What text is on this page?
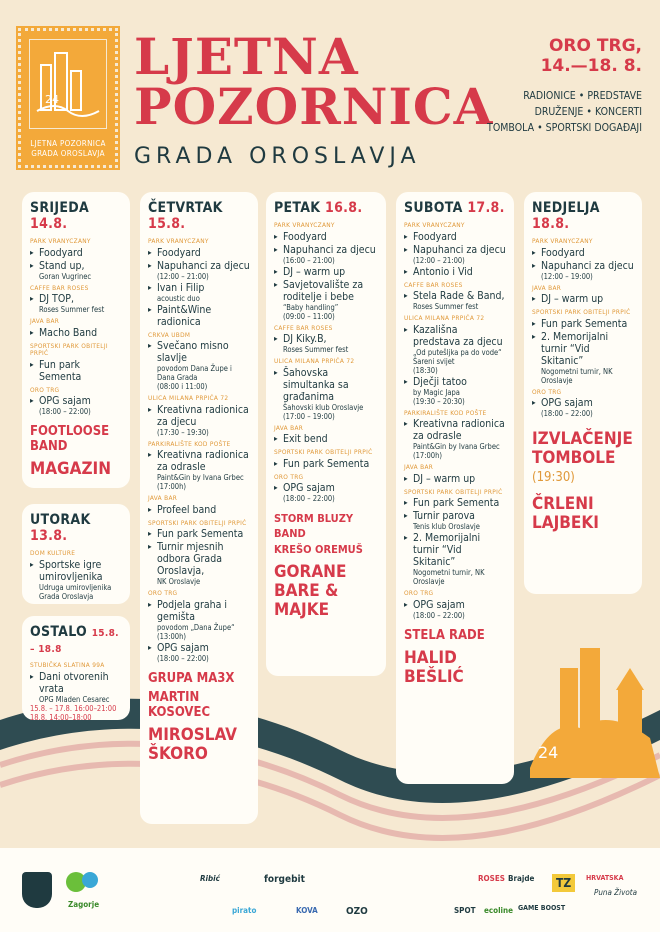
24
LJETNA POZORNICA
GRADA OROSLAVJA
LJETNA
POZORNICA
GRADA OROSLAVJA
ORO TRG,
14.—18. 8.
RADIONICE • PREDSTAVE
DRUŽENJE • KONCERTI
TOMBOLA • SPORTSKI DOGAĐAJI
24
SRIJEDA 14.8.
PARK VRANYCZANY
▸ Foodyard
▸ Stand up,
Goran Vugrinec
CAFFE BAR ROSES
▸ DJ TOP,
Roses Summer fest
JAVA BAR
▸ Macho Band
SPORTSKI PARK OBITELJI PRPIĆ
▸ Fun park Sementa
ORO TRG
▸ OPG sajam
(18:00 – 22:00)
FOOTLOOSE BAND
MAGAZIN
UTORAK 13.8.
DOM KULTURE
▸ Sportske igre umirovljenika
Udruga umirovljenika Grada Oroslavja
OSTALO 15.8. – 18.8
STUBIČKA SLATINA 99A
▸ Dani otvorenih vrata
OPG Mladen Cesarec
15.8. – 17.8. 16:00–21:00
18.8. 14:00–18:00
ČETVRTAK 15.8.
PARK VRANYCZANY
▸ Foodyard
▸ Napuhanci za djecu
(12:00 – 21:00)
▸ Ivan i Filip
acoustic duo
▸ Paint&Wine radionica
CRKVA UBDM
▸ Svečano misno slavlje
povodom Dana Župe i Dana Grada
(08:00 i 11:00)
ULICA MILANA PRPIĆA 72
▸ Kreativna radionica za djecu
(17:30 – 19:30)
PARKIRALIŠTE KOD POŠTE
▸ Kreativna radionica za odrasle
Paint&Gin by Ivana Grbec
(17:00h)
JAVA BAR
▸ Profeel band
SPORTSKI PARK OBITELJI PRPIĆ
▸ Fun park Sementa
▸ Turnir mjesnih odbora Grada Oroslavja,
NK Oroslavje
ORO TRG
▸ Podjela graha i gemišta
povodom „Dana Župe“
(13:00h)
▸ OPG sajam
(18:00 – 22:00)
GRUPA MA3X
MARTIN KOSOVEC
MIROSLAV ŠKORO
PETAK 16.8.
PARK VRANYCZANY
▸ Foodyard
▸ Napuhanci za djecu
(16:00 – 21:00)
▸ DJ – warm up
▸ Savjetovalište za roditelje i bebe
“Baby handling”
(09:00 – 11:00)
CAFFE BAR ROSES
▸ DJ Kiky.B,
Roses Summer fest
ULICA MILANA PRPIĆA 72
▸ Šahovska simultanka sa građanima
Šahovski klub Oroslavje
(17:00 – 19:00)
JAVA BAR
▸ Exit bend
SPORTSKI PARK OBITELJI PRPIĆ
▸ Fun park Sementa
ORO TRG
▸ OPG sajam
(18:00 – 22:00)
STORM BLUZY BAND
KREŠO OREMUŠ
GORANE BARE & MAJKE
SUBOTA 17.8.
PARK VRANYCZANY
▸ Foodyard
▸ Napuhanci za djecu
(12:00 – 21:00)
▸ Antonio i Vid
CAFFE BAR ROSES
▸ Stela Rade & Band,
Roses Summer fest
ULICA MILANA PRPIĆA 72
▸ Kazališna predstava za djecu
„Od putešljka pa do vode“
Šareni svijet
(18:30)
▸ Dječji tatoo
by Magic Japa
(19:30 – 20:30)
PARKIRALIŠTE KOD POŠTE
▸ Kreativna radionica za odrasle
Paint&Gin by Ivana Grbec
(17:00h)
JAVA BAR
▸ DJ – warm up
SPORTSKI PARK OBITELJI PRPIĆ
▸ Fun park Sementa
▸ Turnir parova
Tenis klub Oroslavje
▸ 2. Memorijalni turnir “Vid Skitanic”
Nogometni turnir, NK Oroslavje
ORO TRG
▸ OPG sajam
(18:00 – 22:00)
STELA RADE
HALID BEŠLIĆ
NEDJELJA 18.8.
PARK VRANYCZANY
▸ Foodyard
▸ Napuhanci za djecu
(12:00 – 19:00)
JAVA BAR
▸ DJ – warm up
SPORTSKI PARK OBITELJI PRPIĆ
▸ Fun park Sementa
▸ 2. Memorijalni turnir “Vid Skitanic”
Nogometni turnir, NK Oroslavje
ORO TRG
▸ OPG sajam
(18:00 – 22:00)
IZVLAČENJE TOMBOLE
(19:30)
ČRLENI LAJBEKI
Zagorje
Ribić	forgebit
KOVA	OZO
pirato	SPOT ecoline
ROSES Brajde
GAME BOOST
TZ	HRVATSKA
Puna Života
